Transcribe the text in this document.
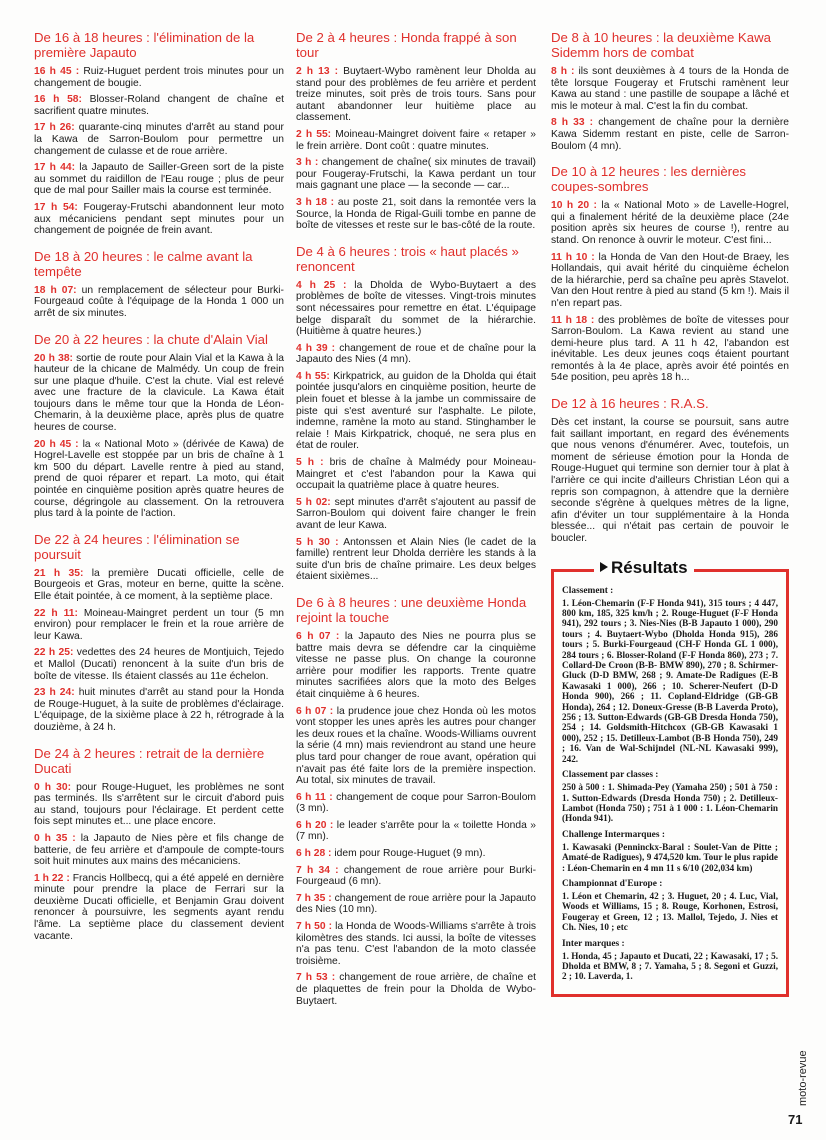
De 16 à 18 heures : l'élimination de la première Japauto

16 h 45 : Ruiz-Huguet perdent trois minutes pour un changement de bougie.

16 h 58: Blosser-Roland changent de chaîne et sacrifient quatre minutes.

17 h 26: quarante-cinq minutes d'arrêt au stand pour la Kawa de Sarron-Boulom pour permettre un changement de culasse et de roue arrière.

17 h 44: la Japauto de Sailler-Green sort de la piste au sommet du raidillon de l'Eau rouge ; plus de peur que de mal pour Sailler mais la course est terminée.

17 h 54: Fougeray-Frutschi abandonnent leur moto aux mécaniciens pendant sept minutes pour un changement de poignée de frein avant.

De 18 à 20 heures : le calme avant la tempête

18 h 07: un remplacement de sélecteur pour Burki-Fourgeaud coûte à l'équipage de la Honda 1 000 un arrêt de six minutes.

De 20 à 22 heures : la chute d'Alain Vial

20 h 38: sortie de route pour Alain Vial et la Kawa à la hauteur de la chicane de Malmédy. Un coup de frein sur une plaque d'huile. C'est la chute. Vial est relevé avec une fracture de la clavicule. La Kawa était toujours dans le même tour que la Honda de Léon-Chemarin, à la deuxième place, après plus de quatre heures de course.

20 h 45 : la « National Moto » (dérivée de Kawa) de Hogrel-Lavelle est stoppée par un bris de chaîne à 1 km 500 du départ. Lavelle rentre à pied au stand, prend de quoi réparer et repart. La moto, qui était pointée en cinquième position après quatre heures de course, dégringole au classement. On la retrouvera plus tard à la pointe de l'action.

De 22 à 24 heures : l'élimination se poursuit

21 h 35: la première Ducati officielle, celle de Bourgeois et Gras, moteur en berne, quitte la scène. Elle était pointée, à ce moment, à la septième place.

22 h 11: Moineau-Maingret perdent un tour (5 mn environ) pour remplacer le frein et la roue arrière de leur Kawa.

22 h 25: vedettes des 24 heures de Montjuich, Tejedo et Mallol (Ducati) renoncent à la suite d'un bris de boîte de vitesse. Ils étaient classés au 11e échelon.

23 h 24: huit minutes d'arrêt au stand pour la Honda de Rouge-Huguet, à la suite de problèmes d'éclairage. L'équipage, de la sixième place à 22 h, rétrograde à la douzième, à 24 h.

De 24 à 2 heures : retrait de la dernière Ducati

0 h 30: pour Rouge-Huguet, les problèmes ne sont pas terminés. Ils s'arrêtent sur le circuit d'abord puis au stand, toujours pour l'éclairage. Et perdent cette fois sept minutes et... une place encore.

0 h 35 : la Japauto de Nies père et fils change de batterie, de feu arrière et d'ampoule de compte-tours soit huit minutes aux mains des mécaniciens.

1 h 22 : Francis Hollbecq, qui a été appelé en dernière minute pour prendre la place de Ferrari sur la deuxième Ducati officielle, et Benjamin Grau doivent renoncer à poursuivre, les segments ayant rendu l'âme. La septième place du classement devient vacante.

De 2 à 4 heures : Honda frappé à son tour

2 h 13 : Buytaert-Wybo ramènent leur Dholda au stand pour des problèmes de feu arrière et perdent treize minutes, soit près de trois tours. Sans pour autant abandonner leur huitième place au classement.

2 h 55: Moineau-Maingret doivent faire « retaper » le frein arrière. Dont coût : quatre minutes.

3 h : changement de chaîne( six minutes de travail) pour Fougeray-Frutschi, la Kawa perdant un tour mais gagnant une place — la seconde — car...

3 h 18 : au poste 21, soit dans la remontée vers la Source, la Honda de Rigal-Guili tombe en panne de boîte de vitesses et reste sur le bas-côté de la route.

De 4 à 6 heures : trois « haut placés » renoncent

4 h 25 : la Dholda de Wybo-Buytaert a des problèmes de boîte de vitesses. Vingt-trois minutes sont nécessaires pour remettre en état. L'équipage belge disparaît du sommet de la hiérarchie. (Huitième à quatre heures.)

4 h 39 : changement de roue et de chaîne pour la Japauto des Nies (4 mn).

4 h 55: Kirkpatrick, au guidon de la Dholda qui était pointée jusqu'alors en cinquième position, heurte de plein fouet et blesse à la jambe un commissaire de piste qui s'est aventuré sur l'asphalte. Le pilote, indemne, ramène la moto au stand. Stinghamber le relaie ! Mais Kirkpatrick, choqué, ne sera plus en état de rouler.

5 h : bris de chaîne à Malmédy pour Moineau-Maingret et c'est l'abandon pour la Kawa qui occupait la quatrième place à quatre heures.

5 h 02: sept minutes d'arrêt s'ajoutent au passif de Sarron-Boulom qui doivent faire changer le frein avant de leur Kawa.

5 h 30 : Antonssen et Alain Nies (le cadet de la famille) rentrent leur Dholda derrière les stands à la suite d'un bris de chaîne primaire. Les deux belges étaient sixièmes...

De 6 à 8 heures : une deuxième Honda rejoint la touche

6 h 07 : la Japauto des Nies ne pourra plus se battre mais devra se défendre car la cinquième vitesse ne passe plus. On change la couronne arrière pour modifier les rapports. Trente quatre minutes sacrifiées alors que la moto des Belges était cinquième à 6 heures.

6 h 07 : la prudence joue chez Honda où les motos vont stopper les unes après les autres pour changer les deux roues et la chaîne. Woods-Williams ouvrent la série (4 mn) mais reviendront au stand une heure plus tard pour changer de roue avant, opération qui n'avait pas été faite lors de la première inspection. Au total, six minutes de travail.

6 h 11 : changement de coque pour Sarron-Boulom (3 mn).

6 h 20 : le leader s'arrête pour la « toilette Honda » (7 mn).

6 h 28 : idem pour Rouge-Huguet (9 mn).

7 h 34 : changement de roue arrière pour Burki-Fourgeaud (6 mn).

7 h 35 : changement de roue arrière pour la Japauto des Nies (10 mn).

7 h 50 : la Honda de Woods-Williams s'arrête à trois kilomètres des stands. Ici aussi, la boîte de vitesses n'a pas tenu. C'est l'abandon de la moto classée troisième.

7 h 53 : changement de roue arrière, de chaîne et de plaquettes de frein pour la Dholda de Wybo-Buytaert.

De 8 à 10 heures : la deuxième Kawa Sidemm hors de combat

8 h : ils sont deuxièmes à 4 tours de la Honda de tête lorsque Fougeray et Frutschi ramènent leur Kawa au stand : une pastille de soupape a lâché et mis le moteur à mal. C'est la fin du combat.

8 h 33 : changement de chaîne pour la dernière Kawa Sidemm restant en piste, celle de Sarron-Boulom (4 mn).

De 10 à 12 heures : les dernières coupes-sombres

10 h 20 : la « National Moto » de Lavelle-Hogrel, qui a finalement hérité de la deuxième place (24e position après six heures de course !), rentre au stand. On renonce à ouvrir le moteur. C'est fini...

11 h 10 : la Honda de Van den Hout-de Braey, les Hollandais, qui avait hérité du cinquième échelon de la hiérarchie, perd sa chaîne peu après Stavelot. Van den Hout rentre à pied au stand (5 km !). Mais il n'en repart pas.

11 h 18 : des problèmes de boîte de vitesses pour Sarron-Boulom. La Kawa revient au stand une demi-heure plus tard. A 11 h 42, l'abandon est inévitable. Les deux jeunes coqs étaient pourtant remontés à la 4e place, après avoir été pointés en 54e position, peu après 18 h...

De 12 à 16 heures : R.A.S.

Dès cet instant, la course se poursuit, sans autre fait saillant important, en regard des événements que nous venons d'énumérer. Avec, toutefois, un moment de sérieuse émotion pour la Honda de Rouge-Huguet qui termine son dernier tour à plat à l'arrière ce qui incite d'ailleurs Christian Léon qui a repris son compagnon, à attendre que la dernière seconde s'égrène à quelques mètres de la ligne, afin d'éviter un tour supplémentaire à la Honda blessée... qui n'était pas certain de pouvoir le boucler.

Résultats
Classement :

1. Léon-Chemarin (F-F Honda 941), 315 tours ; 4 447, 800 km, 185, 325 km/h ; 2. Rouge-Huguet (F-F Honda 941), 292 tours ; 3. Nies-Nies (B-B Japauto 1 000), 290 tours ; 4. Buytaert-Wybo (Dholda Honda 915), 286 tours ; 5. Burki-Fourgeaud (CH-F Honda GL 1 000), 284 tours ; 6. Blosser-Roland (F-F Honda 860), 273 ; 7. Collard-De Croon (B-B- BMW 890), 270 ; 8. Schirmer-Gluck (D-D BMW, 268 ; 9. Amate-De Radigues (E-B Kawasaki 1 000), 266 ; 10. Scherer-Neufert (D-D Honda 900), 266 ; 11. Copland-Eldridge (GB-GB Honda), 264 ; 12. Doneux-Gresse (B-B Laverda Proto), 256 ; 13. Sutton-Edwards (GB-GB Dresda Honda 750), 254 ; 14. Goldsmith-Hitchcox (GB-GB Kawasaki 1 000), 252 ; 15. Detilleux-Lambot (B-B Honda 750), 249 ; 16. Van de Wal-Schijndel (NL-NL Kawasaki 999), 242.

Classement par classes :

250 à 500 : 1. Shimada-Pey (Yamaha 250) ; 501 à 750 : 1. Sutton-Edwards (Dresda Honda 750) ; 2. Detilleux-Lambot (Honda 750) ; 751 à 1 000 : 1. Léon-Chemarin (Honda 941).

Challenge Intermarques :

1. Kawasaki (Penninckx-Baral : Soulet-Van de Pitte ; Amaté-de Radigues), 9 474,520 km. Tour le plus rapide : Léon-Chemarin en 4 mn 11 s 6/10 (202,034 km)

Championnat d'Europe :

1. Léon et Chemarin, 42 ; 3. Huguet, 20 ; 4. Luc, Vial, Woods et Williams, 15 ; 8. Rouge, Korhonen, Estrosi, Fougeray et Green, 12 ; 13. Mallol, Tejedo, J. Nies et Ch. Nies, 10 ; etc

Inter marques :

1. Honda, 45 ; Japauto et Ducati, 22 ; Kawasaki, 17 ; 5. Dholda et BMW, 8 ; 7. Yamaha, 5 ; 8. Segoni et Guzzi, 2 ; 10. Laverda, 1.

moto-revue
71
